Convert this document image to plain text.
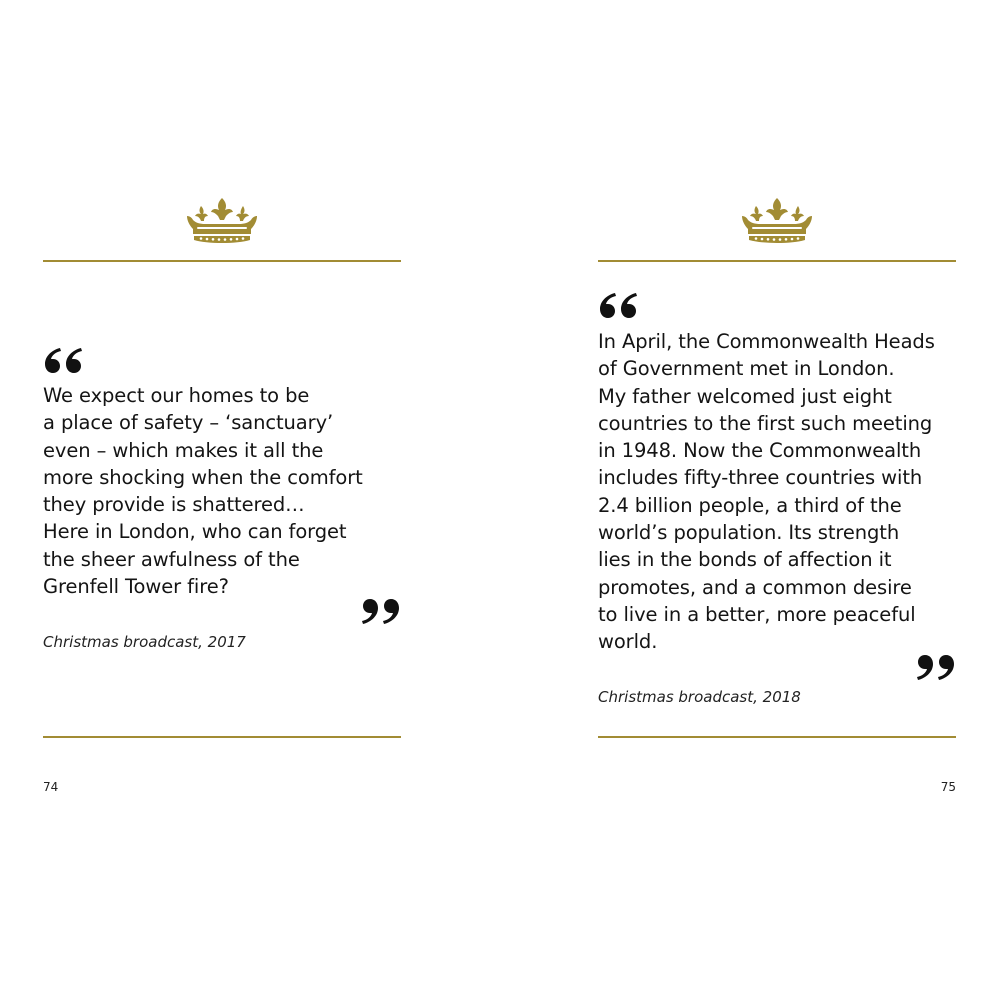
We expect our homes to be
a place of safety – ‘sanctuary’
even – which makes it all the
more shocking when the comfort
they provide is shattered…
Here in London, who can forget
the sheer awfulness of the
Grenfell Tower fire?

Christmas broadcast, 2017

74

In April, the Commonwealth Heads
of Government met in London.
My father welcomed just eight
countries to the first such meeting
in 1948. Now the Commonwealth
includes fifty-three countries with
2.4 billion people, a third of the
world’s population. Its strength
lies in the bonds of affection it
promotes, and a common desire
to live in a better, more peaceful
world.

Christmas broadcast, 2018

75
